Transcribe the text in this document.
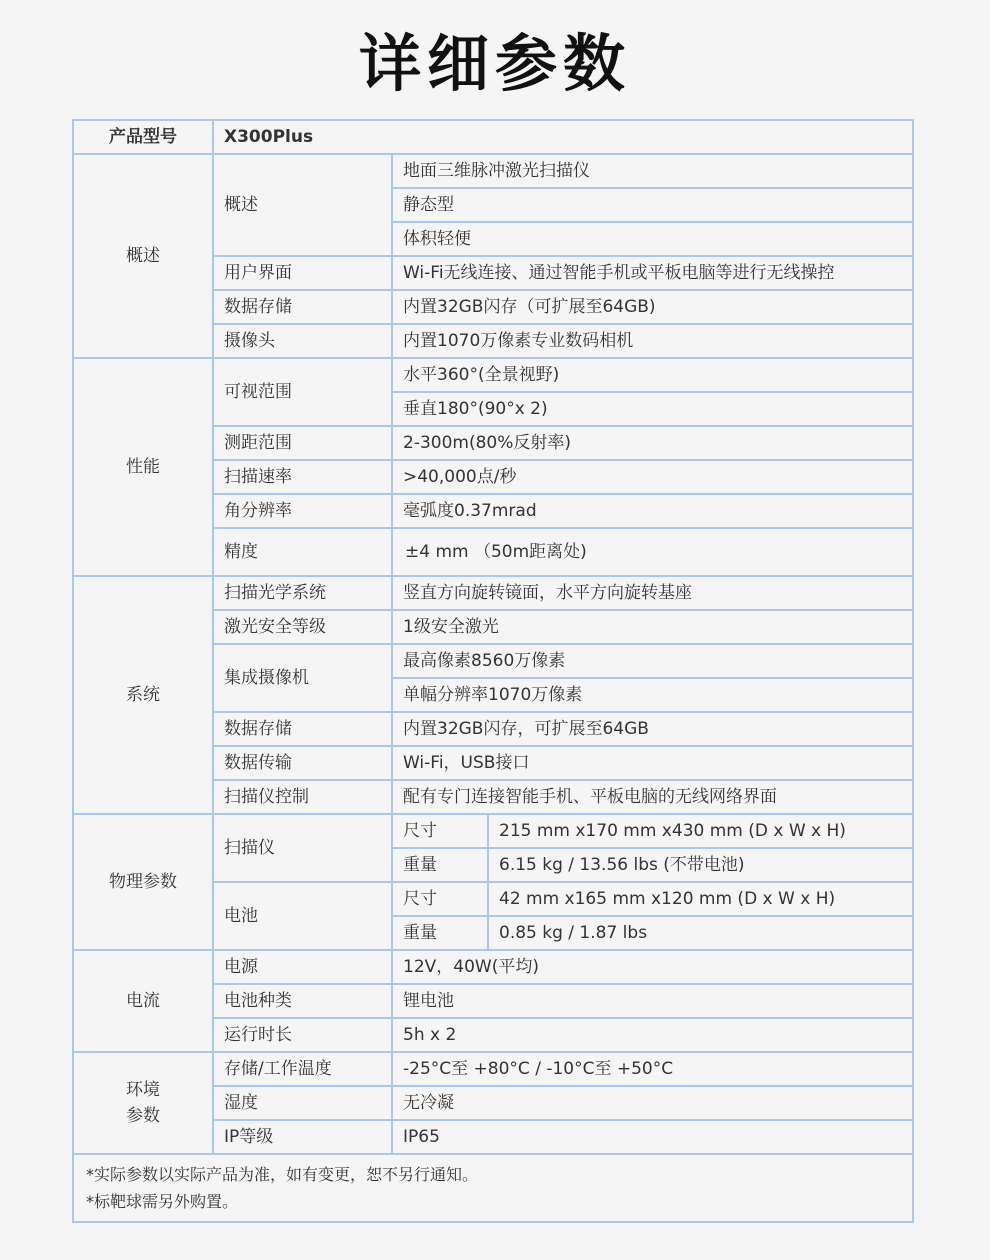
详细参数
产品型号	X300Plus		
概述	概述	地面三维脉冲激光扫描仪	
		静态型	
		体积轻便	
	用户界面	Wi-Fi无线连接、通过智能手机或平板电脑等进行无线操控	
	数据存储	内置32GB闪存（可扩展至64GB)	
	摄像头	内置1070万像素专业数码相机	
性能	可视范围	水平360°(全景视野)	
		垂直180°(90°x 2)	
	测距范围	2-300m(80%反射率)	
	扫描速率	>40,000点/秒	
	角分辨率	毫弧度0.37mrad	
	精度	±4 mm （50m距离处)	
系统	扫描光学系统	竖直方向旋转镜面，水平方向旋转基座	
	激光安全等级	1级安全激光	
	集成摄像机	最高像素8560万像素	
		单幅分辨率1070万像素	
	数据存储	内置32GB闪存，可扩展至64GB	
	数据传输	Wi-Fi，USB接口	
	扫描仪控制	配有专门连接智能手机、平板电脑的无线网络界面	
物理参数	扫描仪	尺寸	215 mm x170 mm x430 mm (D x W x H)
		重量	6.15 kg / 13.56 lbs (不带电池)
	电池	尺寸	42 mm x165 mm x120 mm (D x W x H)
		重量	0.85 kg / 1.87 lbs
电流	电源	12V，40W(平均)	
	电池种类	锂电池	
	运行时长	5h x 2	

环境
参数	存储/工作温度	-25°C至 +80°C / -10°C至 +50°C	
	湿度	无冷凝	
	IP等级	IP65	

*实际参数以实际产品为准，如有变更，恕不另行通知。
*标靶球需另外购置。			
